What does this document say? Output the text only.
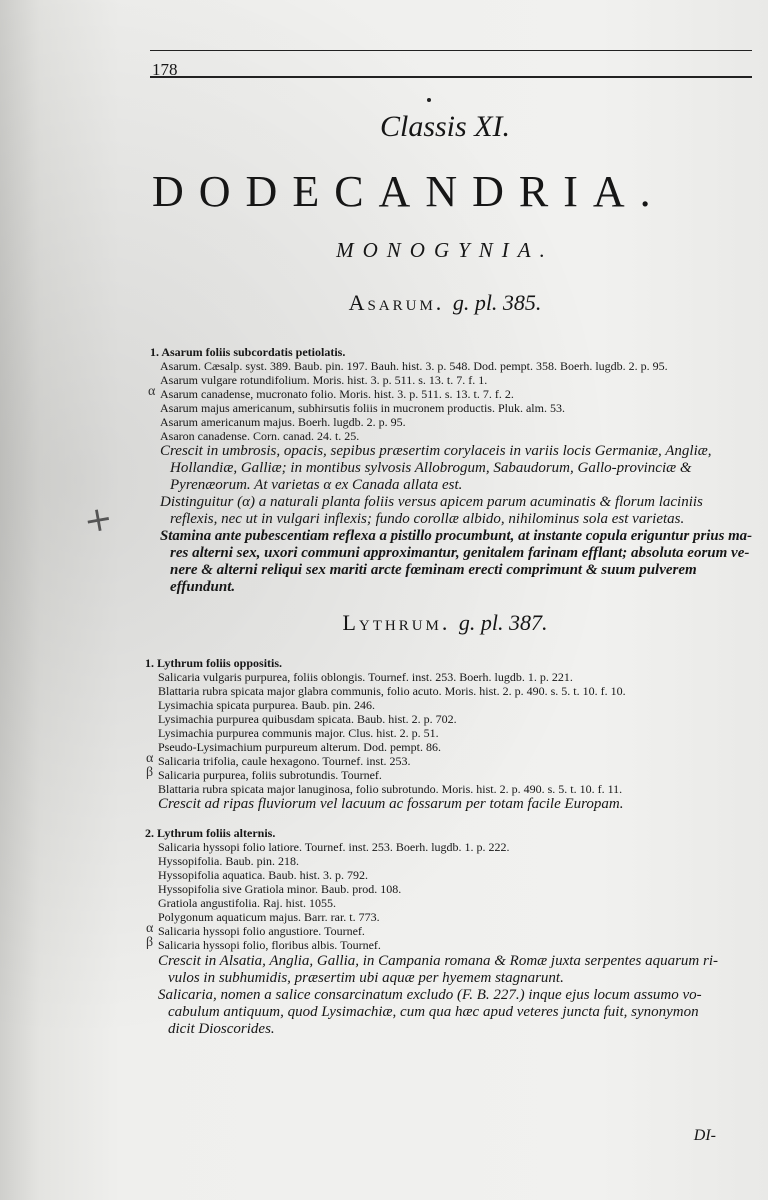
178
Classis XI.
DODECANDRIA.
MONOGYNIA.
Asarum. g. pl. 385.
1. Asarum foliis subcordatis petiolatis.
Asarum. Cæsalp. syst. 389. Baub. pin. 197. Bauh. hist. 3. p. 548. Dod. pempt. 358. Boerh. lugdb. 2. p. 95.
Asarum vulgare rotundifolium. Moris. hist. 3. p. 511. s. 13. t. 7. f. 1.
α Asarum canadense, mucronato folio. Moris. hist. 3. p. 511. s. 13. t. 7. f. 2.
Asarum majus americanum, subhirsutis foliis in mucronem productis. Pluk. alm. 53.
Asarum americanum majus. Boerh. lugdb. 2. p. 95.
Asaron canadense. Corn. canad. 24. t. 25.
Crescit in umbrosis, opacis, sepibus præsertim corylaceis in variis locis Germaniæ, Angliæ,
Hollandiæ, Galliæ; in montibus sylvosis Allobrogum, Sabaudorum, Gallo-provinciæ &
Pyrenæorum. At varietas α ex Canada allata est.
Distinguitur (α) a naturali planta foliis versus apicem parum acuminatis & florum laciniis
reflexis, nec ut in vulgari inflexis; fundo corollæ albido, nihilominus sola est varietas.
Stamina ante pubescentiam reflexa a pistillo procumbunt, at instante copula eriguntur prius ma-
res alterni sex, uxori communi approximantur, genitalem farinam efflant; absoluta eorum ve-
nere & alterni reliqui sex mariti arcte fœminam erecti comprimunt & suum pulverem
effundunt.
+
Lythrum. g. pl. 387.
1. Lythrum foliis oppositis.
Salicaria vulgaris purpurea, foliis oblongis. Tournef. inst. 253. Boerh. lugdb. 1. p. 221.
Blattaria rubra spicata major glabra communis, folio acuto. Moris. hist. 2. p. 490. s. 5. t. 10. f. 10.
Lysimachia spicata purpurea. Baub. pin. 246.
Lysimachia purpurea quibusdam spicata. Baub. hist. 2. p. 702.
Lysimachia purpurea communis major. Clus. hist. 2. p. 51.
Pseudo-Lysimachium purpureum alterum. Dod. pempt. 86.
α Salicaria trifolia, caule hexagono. Tournef. inst. 253.
β Salicaria purpurea, foliis subrotundis. Tournef.
Blattaria rubra spicata major lanuginosa, folio subrotundo. Moris. hist. 2. p. 490. s. 5. t. 10. f. 11.
Crescit ad ripas fluviorum vel lacuum ac fossarum per totam facile Europam.
2. Lythrum foliis alternis.
Salicaria hyssopi folio latiore. Tournef. inst. 253. Boerh. lugdb. 1. p. 222.
Hyssopifolia. Baub. pin. 218.
Hyssopifolia aquatica. Baub. hist. 3. p. 792.
Hyssopifolia sive Gratiola minor. Baub. prod. 108.
Gratiola angustifolia. Raj. hist. 1055.
Polygonum aquaticum majus. Barr. rar. t. 773.
α Salicaria hyssopi folio angustiore. Tournef.
β Salicaria hyssopi folio, floribus albis. Tournef.
Crescit in Alsatia, Anglia, Gallia, in Campania romana & Romæ juxta serpentes aquarum ri-
vulos in subhumidis, præsertim ubi aquæ per hyemem stagnarunt.
Salicaria, nomen a salice consarcinatum excludo (F. B. 227.) inque ejus locum assumo vo-
cabulum antiquum, quod Lysimachiæ, cum qua hæc apud veteres juncta fuit, synonymon
dicit Dioscorides.
DI-
